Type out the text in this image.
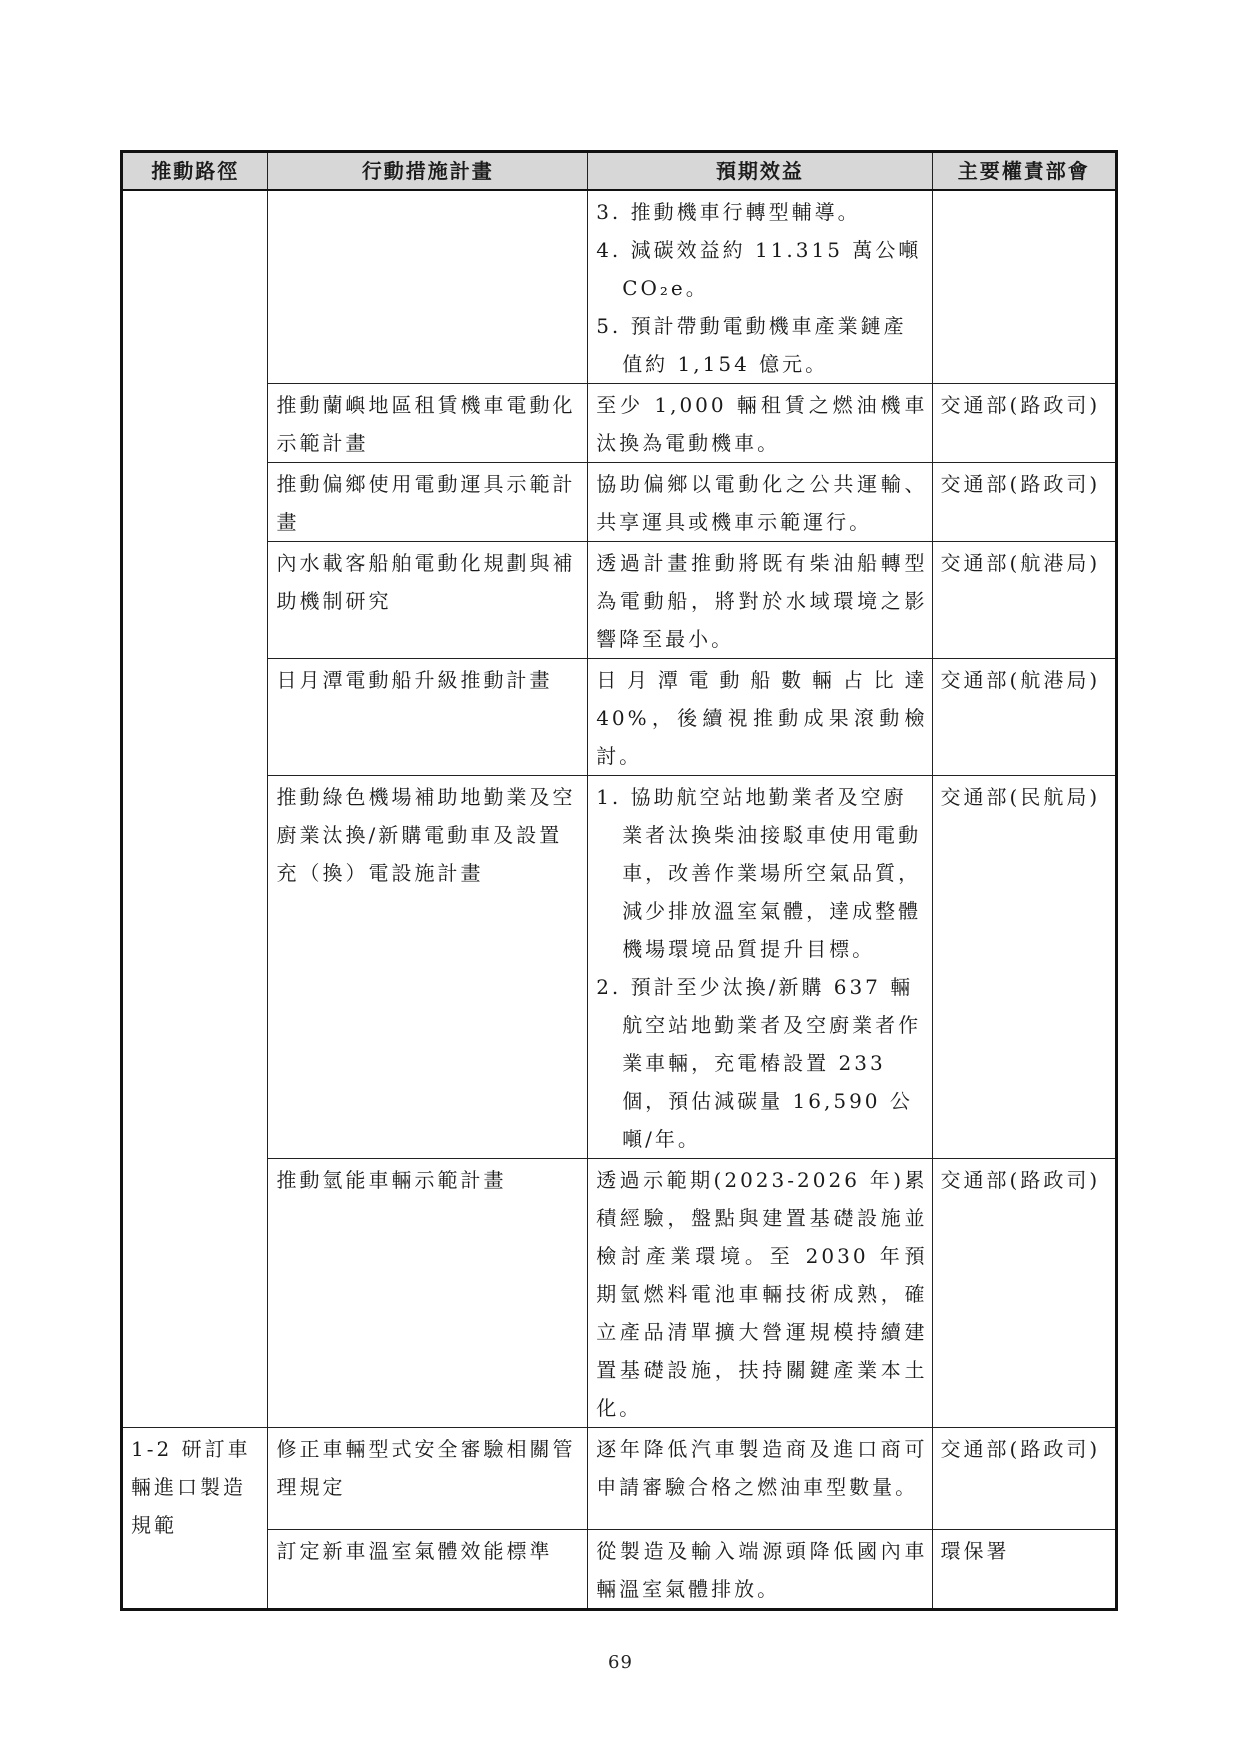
推動路徑	行動措施計畫	預期效益	主要權責部會

		3. 推動機車行轉型輔導。
4. 減碳效益約 11.315 萬公噸 CO₂e。
5. 預計帶動電動機車產業鏈產值約 1,154 億元。	

	推動蘭嶼地區租賃機車電動化示範計畫	至少 1,000 輛租賃之燃油機車汰換為電動機車。	交通部(路政司)
	推動偏鄉使用電動運具示範計畫	協助偏鄉以電動化之公共運輸、共享運具或機車示範運行。	交通部(路政司)
	內水載客船舶電動化規劃與補助機制研究	透過計畫推動將既有柴油船轉型為電動船，將對於水域環境之影響降至最小。	交通部(航港局)
	日月潭電動船升級推動計畫	日月潭電動船數輛占比達 40%，後續視推動成果滾動檢討。	交通部(航港局)
	推動綠色機場補助地勤業及空廚業汰換/新購電動車及設置充（換）電設施計畫	1. 協助航空站地勤業者及空廚業者汰換柴油接駁車使用電動車，改善作業場所空氣品質，減少排放溫室氣體，達成整體機場環境品質提升目標。
2. 預計至少汰換/新購 637 輛航空站地勤業者及空廚業者作業車輛，充電樁設置 233 個，預估減碳量 16,590 公噸/年。	交通部(民航局)
	推動氫能車輛示範計畫	透過示範期(2023-2026 年)累積經驗，盤點與建置基礎設施並檢討產業環境。至 2030 年預期氫燃料電池車輛技術成熟，確立產品清單擴大營運規模持續建置基礎設施，扶持關鍵產業本土化。	交通部(路政司)
1-2 研訂車輛進口製造規範	修正車輛型式安全審驗相關管理規定	逐年降低汽車製造商及進口商可申請審驗合格之燃油車型數量。	交通部(路政司)
	訂定新車溫室氣體效能標準	從製造及輸入端源頭降低國內車輛溫室氣體排放。	環保署
69
